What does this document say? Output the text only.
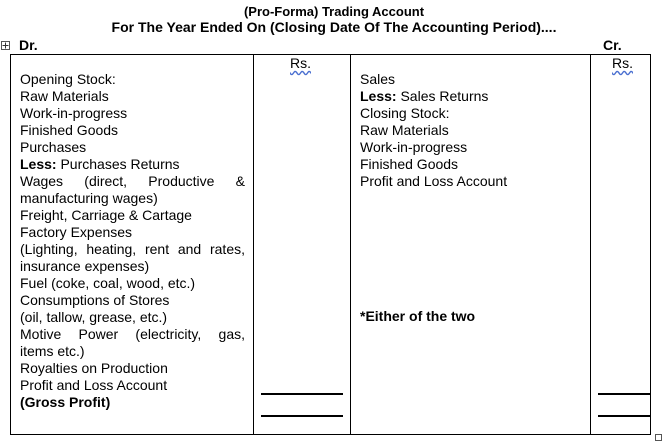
(Pro-Forma) Trading Account
For The Year Ended On (Closing Date Of The Accounting Period)....
Dr.	Cr.
Rs.	Rs.
Opening Stock:
Raw Materials
Work-in-progress
Finished Goods
Purchases
Less: Purchases Returns
Wages (direct, Productive &
manufacturing wages)
Freight, Carriage & Cartage
Factory Expenses
(Lighting, heating, rent and rates,
insurance expenses)
Fuel (coke, coal, wood, etc.)
Consumptions of Stores
(oil, tallow, grease, etc.)
Motive Power (electricity, gas,
items etc.)
Royalties on Production
Profit and Loss Account
(Gross Profit)
Sales
Less: Sales Returns
Closing Stock:
Raw Materials
Work-in-progress
Finished Goods
Profit and Loss Account
*Either of the two
